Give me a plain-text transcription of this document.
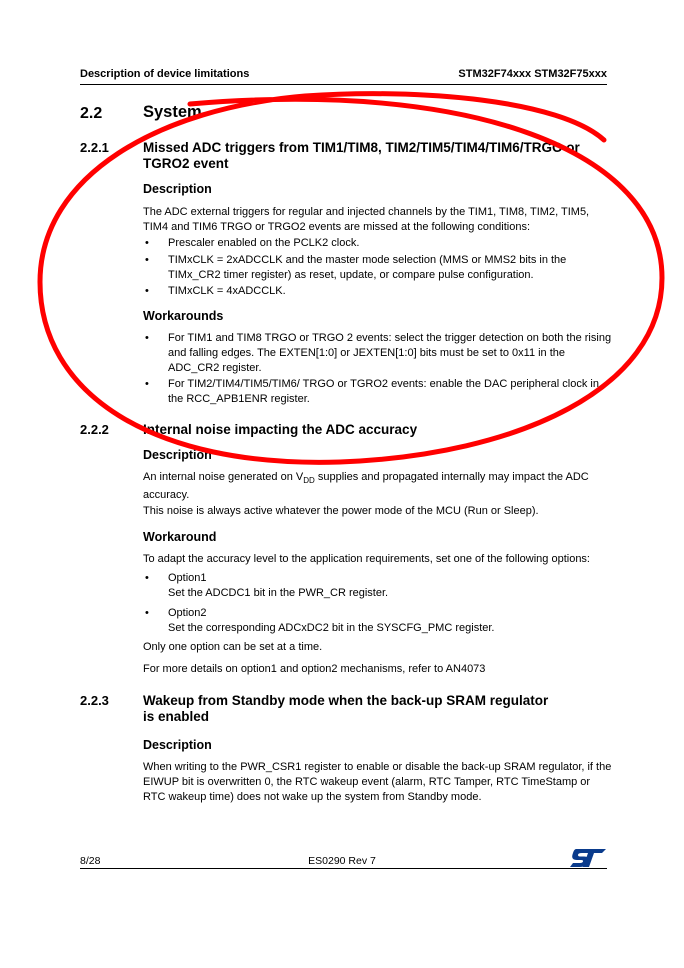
Description of device limitations	STM32F74xxx STM32F75xxx
2.2 System
2.2.1	Missed ADC triggers from TIM1/TIM8, TIM2/TIM5/TIM4/TIM6/TRGO or
TGRO2 event
Description
The ADC external triggers for regular and injected channels by the TIM1, TIM8, TIM2, TIM5, TIM4 and TIM6 TRGO or TRGO2 events are missed at the following conditions:
• Prescaler enabled on the PCLK2 clock.
• TIMxCLK = 2xADCCLK and the master mode selection (MMS or MMS2 bits in the TIMx_CR2 timer register) as reset, update, or compare pulse configuration.
• TIMxCLK = 4xADCCLK.
Workarounds
• For TIM1 and TIM8 TRGO or TRGO 2 events: select the trigger detection on both the rising and falling edges. The EXTEN[1:0] or JEXTEN[1:0] bits must be set to 0x11 in the ADC_CR2 register.
• For TIM2/TIM4/TIM5/TIM6/ TRGO or TGRO2 events: enable the DAC peripheral clock in the RCC_APB1ENR register.
2.2.2	Internal noise impacting the ADC accuracy
Description
An internal noise generated on $V_{DD}$ supplies and propagated internally may impact the ADC accuracy.
This noise is always active whatever the power mode of the MCU (Run or Sleep).
Workaround
To adapt the accuracy level to the application requirements, set one of the following options:
• Option1
Set the ADCDC1 bit in the PWR_CR register.
• Option2
Set the corresponding ADCxDC2 bit in the SYSCFG_PMC register.
Only one option can be set at a time.
For more details on option1 and option2 mechanisms, refer to AN4073
2.2.3	Wakeup from Standby mode when the back-up SRAM regulator
is enabled
Description
When writing to the PWR_CSR1 register to enable or disable the back-up SRAM regulator, if the EIWUP bit is overwritten 0, the RTC wakeup event (alarm, RTC Tamper, RTC TimeStamp or RTC wakeup time) does not wake up the system from Standby mode.
8/28	ES0290 Rev 7
